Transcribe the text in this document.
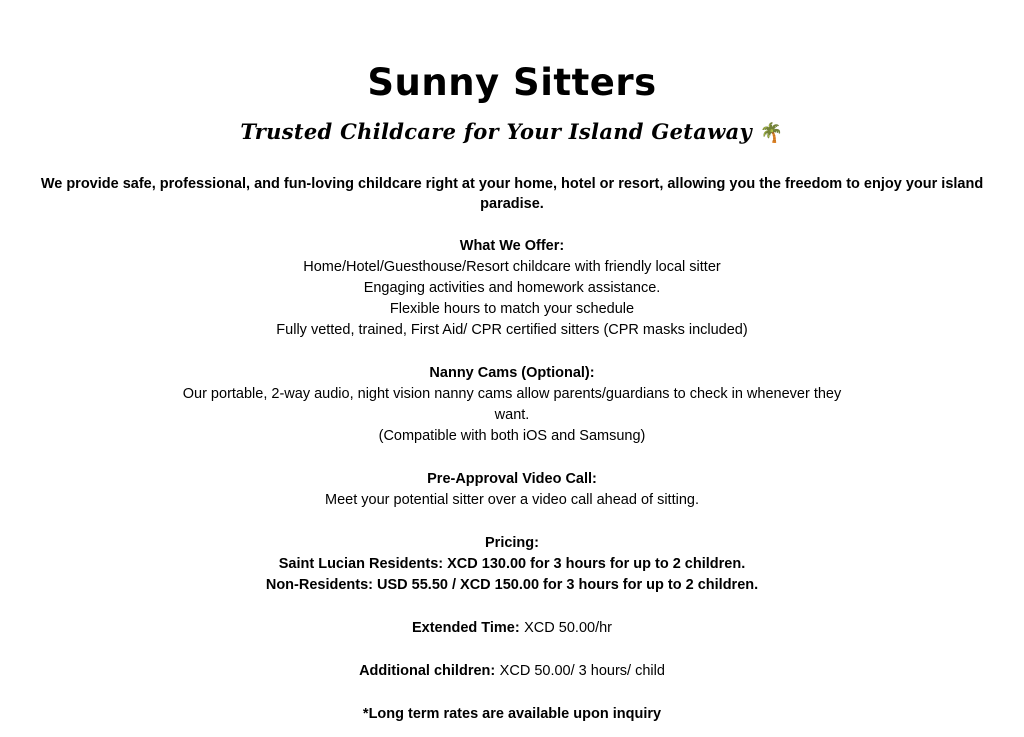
Sunny Sitters

Trusted Childcare for Your Island Getaway 🌴

We provide safe, professional, and fun-loving childcare right at your home, hotel or resort, allowing you the freedom to enjoy your island paradise.

What We Offer:
Home/Hotel/Guesthouse/Resort childcare with friendly local sitter
Engaging activities and homework assistance.
Flexible hours to match your schedule
Fully vetted, trained, First Aid/ CPR certified sitters (CPR masks included)
Nanny Cams (Optional):
Our portable, 2-way audio, night vision nanny cams allow parents/guardians to check in whenever they want.
(Compatible with both iOS and Samsung)
Pre-Approval Video Call:
Meet your potential sitter over a video call ahead of sitting.
Pricing:
Saint Lucian Residents: XCD 130.00 for 3 hours for up to 2 children.
Non-Residents: USD 55.50 / XCD 150.00 for 3 hours for up to 2 children.
Extended Time: XCD 50.00/hr
Additional children: XCD 50.00/ 3 hours/ child
*Long term rates are available upon inquiry
